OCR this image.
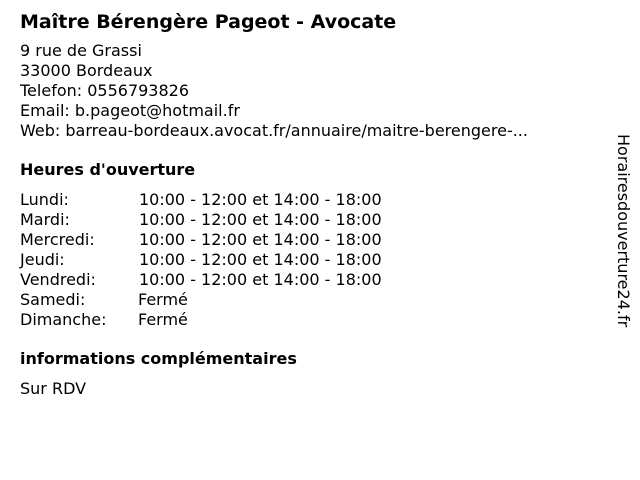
Maître Bérengère Pageot - Avocate
9 rue de Grassi
33000 Bordeaux
Telefon: 0556793826
Email: b.pageot@hotmail.fr
Web: barreau-bordeaux.avocat.fr/annuaire/maitre-berengere-...
Heures d'ouverture
Lundi:	10:00 - 12:00 et 14:00 - 18:00
Mardi:	10:00 - 12:00 et 14:00 - 18:00
Mercredi:	10:00 - 12:00 et 14:00 - 18:00
Jeudi:	10:00 - 12:00 et 14:00 - 18:00
Vendredi:	10:00 - 12:00 et 14:00 - 18:00
Samedi:	Fermé
Dimanche:	Fermé
informations complémentaires
Sur RDV
Horairesdouverture24.fr
